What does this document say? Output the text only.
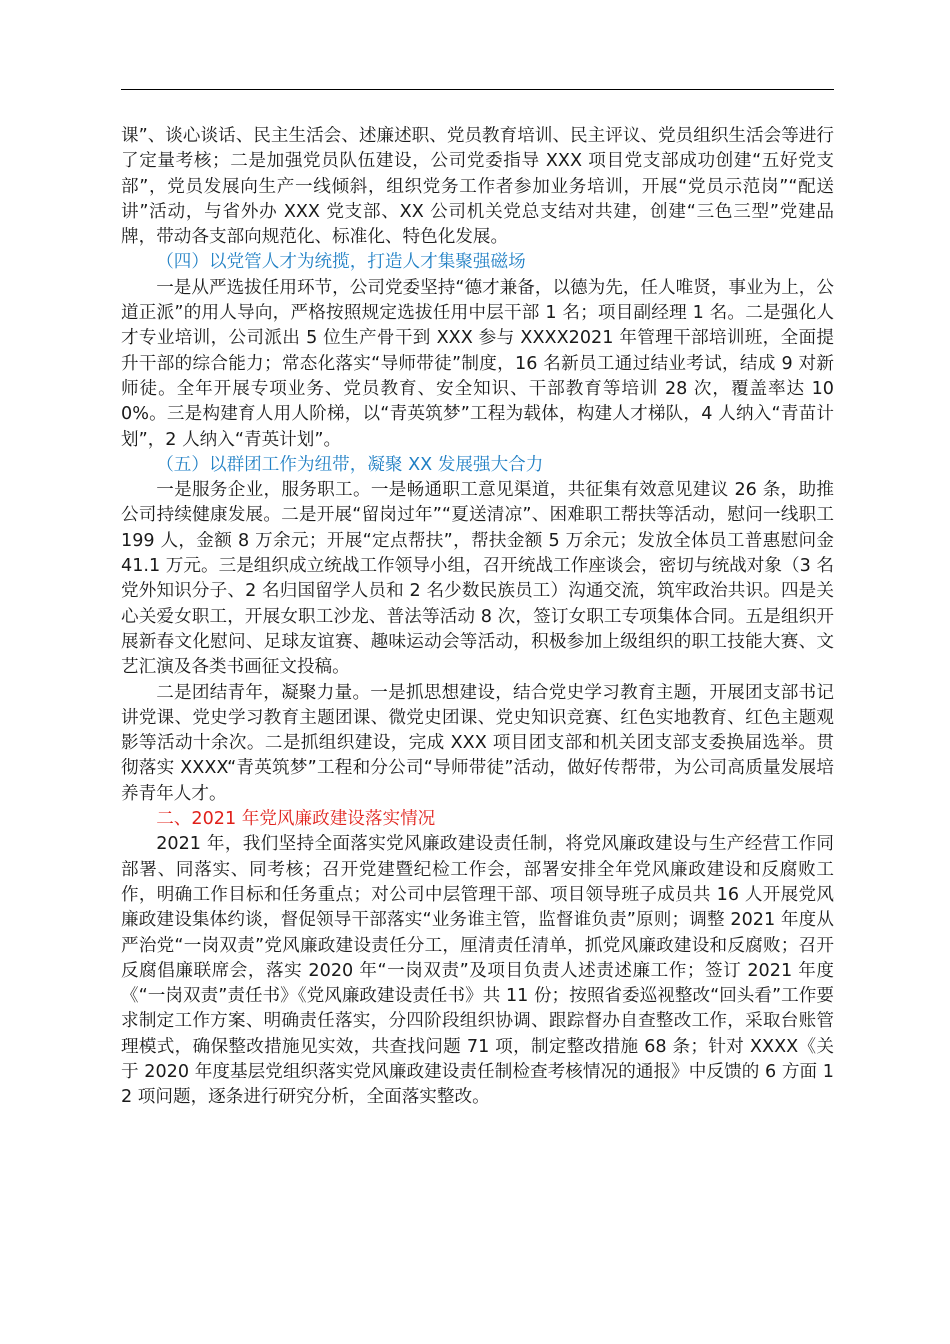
课”、谈心谈话、民主生活会、述廉述职、党员教育培训、民主评议、党员组织生活会等进行了定量考核；二是加强党员队伍建设，公司党委指导 XXX 项目党支部成功创建“五好党支部”，党员发展向生产一线倾斜，组织党务工作者参加业务培训，开展“党员示范岗”“配送讲”活动，与省外办 XXX 党支部、XX 公司机关党总支结对共建，创建“三色三型”党建品牌，带动各支部向规范化、标准化、特色化发展。

（四）以党管人才为统揽，打造人才集聚强磁场

一是从严选拔任用环节，公司党委坚持“德才兼备，以德为先，任人唯贤，事业为上，公道正派”的用人导向，严格按照规定选拔任用中层干部 1 名；项目副经理 1 名。二是强化人才专业培训，公司派出 5 位生产骨干到 XXX 参与 XXXX2021 年管理干部培训班，全面提升干部的综合能力；常态化落实“导师带徒”制度，16 名新员工通过结业考试，结成 9 对新师徒。全年开展专项业务、党员教育、安全知识、干部教育等培训 28 次，覆盖率达 100%。三是构建育人用人阶梯，以“青英筑梦”工程为载体，构建人才梯队，4 人纳入“青苗计划”，2 人纳入“青英计划”。

（五）以群团工作为纽带，凝聚 XX 发展强大合力

一是服务企业，服务职工。一是畅通职工意见渠道，共征集有效意见建议 26 条，助推公司持续健康发展。二是开展“留岗过年”“夏送清凉”、困难职工帮扶等活动，慰问一线职工 199 人，金额 8 万余元；开展“定点帮扶”，帮扶金额 5 万余元；发放全体员工普惠慰问金 41.1 万元。三是组织成立统战工作领导小组，召开统战工作座谈会，密切与统战对象（3 名党外知识分子、2 名归国留学人员和 2 名少数民族员工）沟通交流，筑牢政治共识。四是关心关爱女职工，开展女职工沙龙、普法等活动 8 次，签订女职工专项集体合同。五是组织开展新春文化慰问、足球友谊赛、趣味运动会等活动，积极参加上级组织的职工技能大赛、文艺汇演及各类书画征文投稿。

二是团结青年，凝聚力量。一是抓思想建设，结合党史学习教育主题，开展团支部书记讲党课、党史学习教育主题团课、微党史团课、党史知识竞赛、红色实地教育、红色主题观影等活动十余次。二是抓组织建设，完成 XXX 项目团支部和机关团支部支委换届选举。贯彻落实 XXXX“青英筑梦”工程和分公司“导师带徒”活动，做好传帮带，为公司高质量发展培养青年人才。

二、2021 年党风廉政建设落实情况

2021 年，我们坚持全面落实党风廉政建设责任制，将党风廉政建设与生产经营工作同部署、同落实、同考核；召开党建暨纪检工作会，部署安排全年党风廉政建设和反腐败工作，明确工作目标和任务重点；对公司中层管理干部、项目领导班子成员共 16 人开展党风廉政建设集体约谈，督促领导干部落实“业务谁主管，监督谁负责”原则；调整 2021 年度从严治党“一岗双责”党风廉政建设责任分工，厘清责任清单，抓党风廉政建设和反腐败；召开反腐倡廉联席会，落实 2020 年“一岗双责”及项目负责人述责述廉工作；签订 2021 年度《“一岗双责”责任书》《党风廉政建设责任书》共 11 份；按照省委巡视整改“回头看”工作要求制定工作方案、明确责任落实，分四阶段组织协调、跟踪督办自查整改工作，采取台账管理模式，确保整改措施见实效，共查找问题 71 项，制定整改措施 68 条；针对 XXXX《关于 2020 年度基层党组织落实党风廉政建设责任制检查考核情况的通报》中反馈的 6 方面 12 项问题，逐条进行研究分析，全面落实整改。
